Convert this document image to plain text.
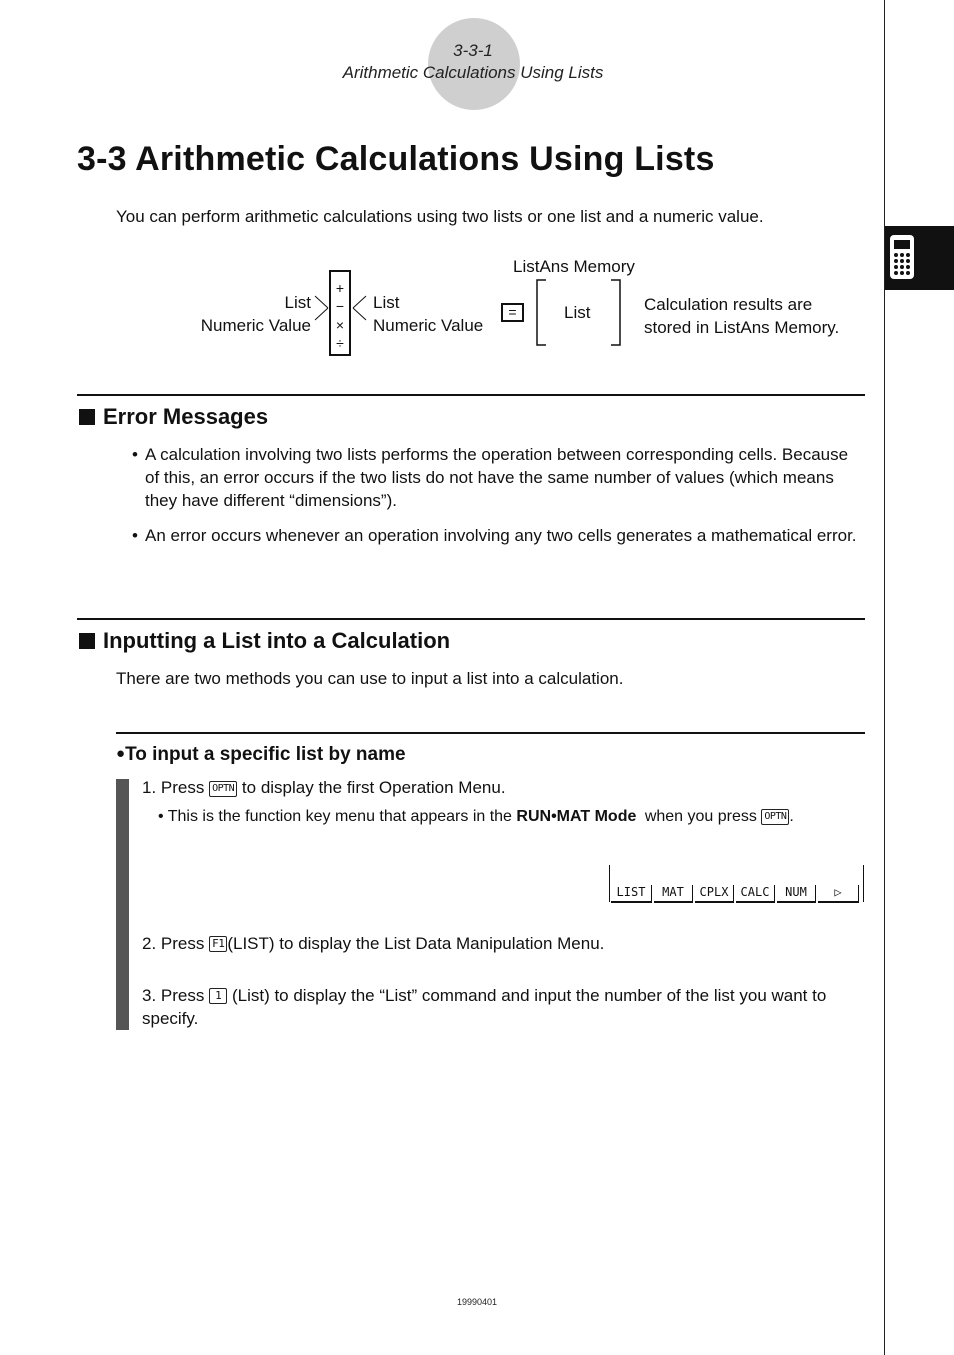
3-3-1
Arithmetic Calculations Using Lists
3-3 Arithmetic Calculations Using Lists
You can perform arithmetic calculations using two lists or one list and a numeric value.
List
Numeric Value
+
−
×
÷
List
Numeric Value
=
ListAns Memory
List	Calculation results are
stored in ListAns Memory.
Error Messages
• A calculation involving two lists performs the operation between corresponding cells. Because of this, an error occurs if the two lists do not have the same number of values (which means they have different “dimensions”).
• An error occurs whenever an operation involving any two cells generates a mathematical error.
Inputting a List into a Calculation
There are two methods you can use to input a list into a calculation.
●To input a specific list by name
1. Press OPTN to display the first Operation Menu.
• This is the function key menu that appears in the RUN•MAT Mode when you press OPTN .
LIST	MAT	CPLX	CALC	NUM	▷
2. Press F1 (LIST) to display the List Data Manipulation Menu.
3. Press 1 (List) to display the “List” command and input the number of the list you want to specify.
19990401
